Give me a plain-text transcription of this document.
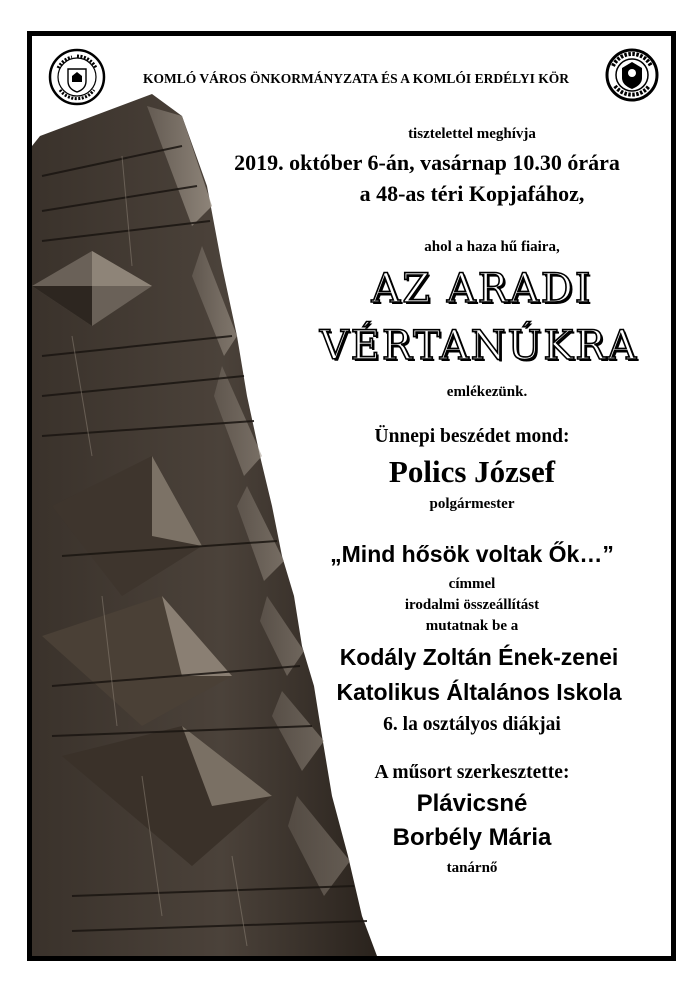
KOMLÓ VÁROS ÖNKORMÁNYZATA ÉS A KOMLÓI ERDÉLYI KÖR
tisztelettel meghívja
2019. október 6-án, vasárnap 10.30 órára
a 48-as téri Kopjafához,
ahol a haza hű fiaira,
AZ ARADI
VÉRTANÚKRA
emlékezünk.
Ünnepi beszédet mond:
Polics József
polgármester
„Mind hősök voltak Ők…”
címmel
irodalmi összeállítást
mutatnak be a
Kodály Zoltán Ének-zenei
Katolikus Általános Iskola
6. la osztályos diákjai
A műsort szerkesztette:
Plávicsné
Borbély Mária
tanárnő
